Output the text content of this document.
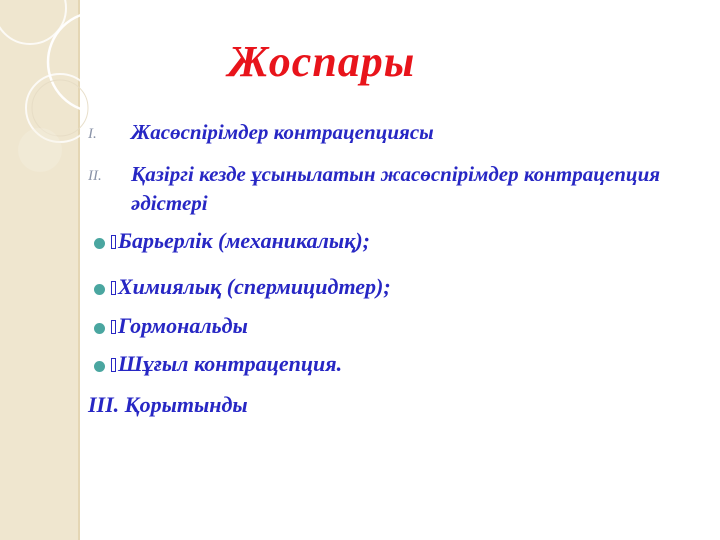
Жоспары
I. Жасөспірімдер контрацепциясы
II. Қазіргі кезде ұсынылатын жасөспірімдер контрацепция әдістері
Барьерлік (механикалық);
Химиялық (спермицидтер);
Гормональды
Шұғыл контрацепция.
III. Қорытынды
